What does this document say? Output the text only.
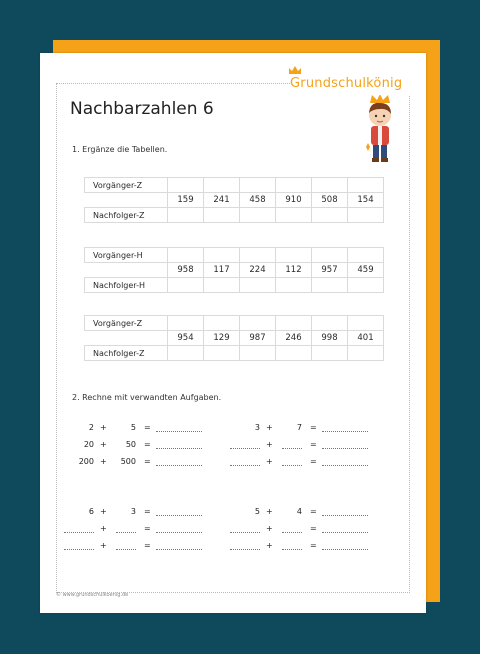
Grundschulkönig
Nachbarzahlen 6
1. Ergänze die Tabellen.
Vorgänger-Z						
	159	241	458	910	508	154
Nachfolger-Z						
Vorgänger-H						
	958	117	224	112	957	459
Nachfolger-H						
Vorgänger-Z						
	954	129	987	246	998	401
Nachfolger-Z						
2. Rechne mit verwandten Aufgaben.
2 +	5 =
20 +	50 =
200 +	500 =
3 +	7 =
+	=
+	=
6 +	3 =
+	=
+	=
5 +	4 =
+	=
+	=
© www.grundschulkoenig.de
